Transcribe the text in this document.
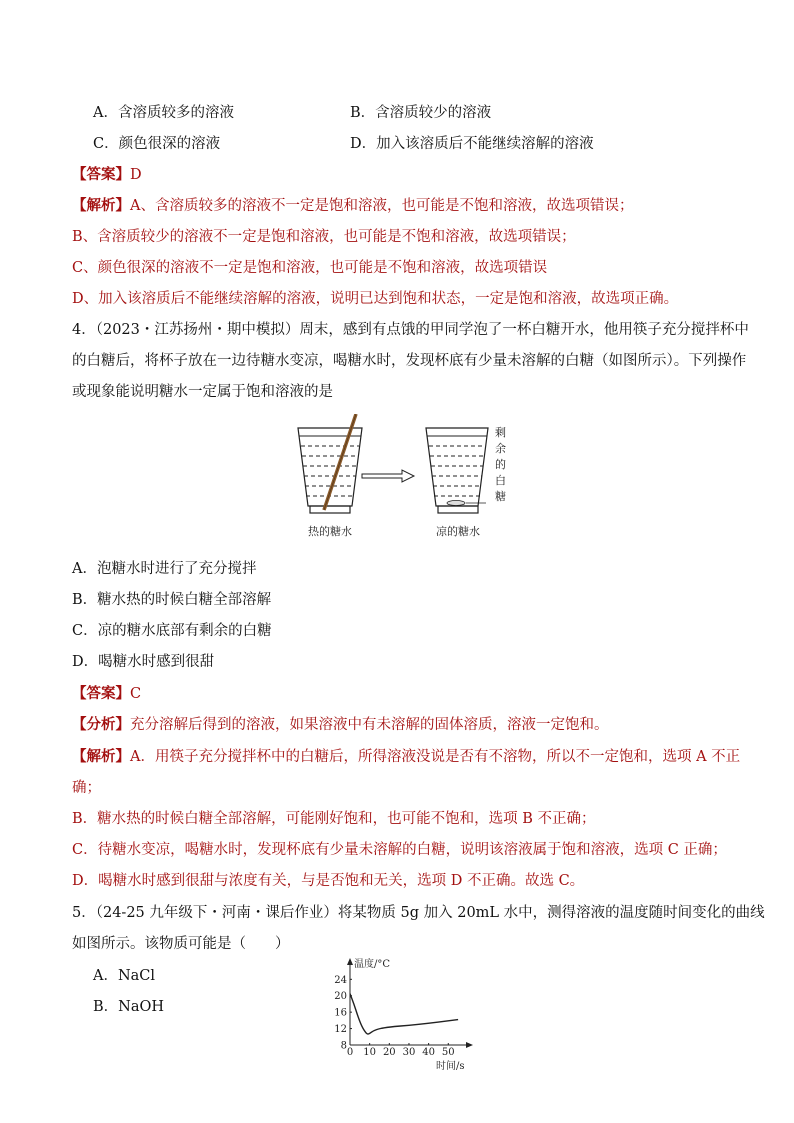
A．含溶质较多的溶液	B．含溶质较少的溶液
C．颜色很深的溶液	D．加入该溶质后不能继续溶解的溶液
【答案】D
【解析】A、含溶质较多的溶液不一定是饱和溶液，也可能是不饱和溶液，故选项错误；
B、含溶质较少的溶液不一定是饱和溶液，也可能是不饱和溶液，故选项错误；
C、颜色很深的溶液不一定是饱和溶液，也可能是不饱和溶液，故选项错误
D、加入该溶质后不能继续溶解的溶液，说明已达到饱和状态，一定是饱和溶液，故选项正确。
4．（2023・江苏扬州・期中模拟）周末，感到有点饿的甲同学泡了一杯白糖开水，他用筷子充分搅拌杯中
的白糖后，将杯子放在一边待糖水变凉，喝糖水时，发现杯底有少量未溶解的白糖（如图所示）。下列操作
或现象能说明糖水一定属于饱和溶液的是
热的糖水	凉的糖水
剩
余
的
白
糖
A．泡糖水时进行了充分搅拌
B．糖水热的时候白糖全部溶解
C．凉的糖水底部有剩余的白糖
D．喝糖水时感到很甜
【答案】C
【分析】充分溶解后得到的溶液，如果溶液中有未溶解的固体溶质，溶液一定饱和。
【解析】A．用筷子充分搅拌杯中的白糖后，所得溶液没说是否有不溶物，所以不一定饱和，选项 A 不正
确；
B．糖水热的时候白糖全部溶解，可能刚好饱和，也可能不饱和，选项 B 不正确；
C．待糖水变凉，喝糖水时，发现杯底有少量未溶解的白糖，说明该溶液属于饱和溶液，选项 C 正确；
D．喝糖水时感到很甜与浓度有关，与是否饱和无关，选项 D 不正确。故选 C。
5．（24-25 九年级下・河南・课后作业）将某物质 5g 加入 20mL 水中，测得溶液的温度随时间变化的曲线
如图所示。该物质可能是（　　）
A．NaCl
B．NaOH
0 10 20 30 40 50
8
12
16
20
24
温度/°C
时间/s
